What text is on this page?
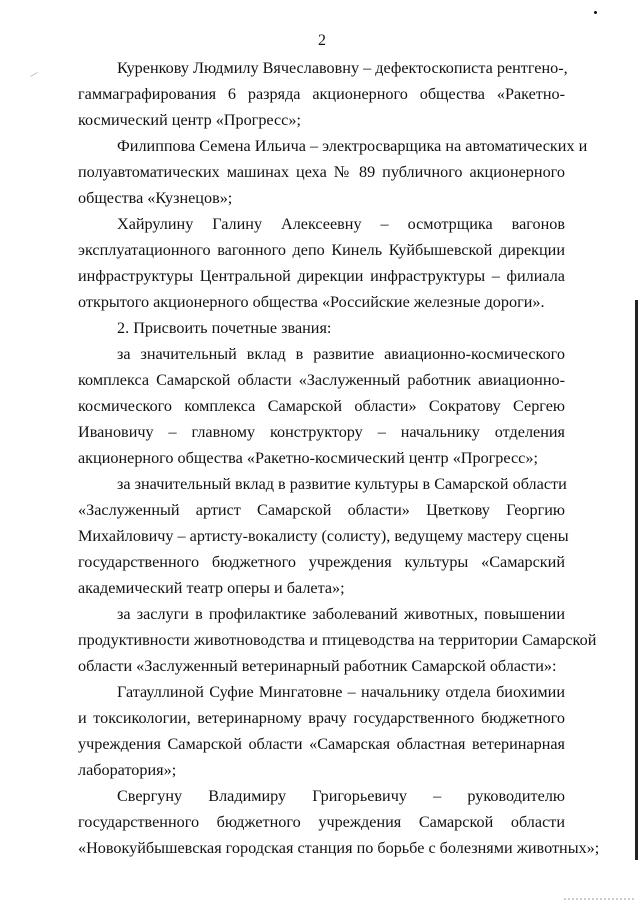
2
Куренкову Людмилу Вячеславовну – дефектоскописта рентгено-,
гаммаграфирования 6 разряда акционерного общества «Ракетно-
космический центр «Прогресс»;
Филиппова Семена Ильича – электросварщика на автоматических и
полуавтоматических машинах цеха № 89 публичного акционерного
общества «Кузнецов»;
Хайрулину Галину Алексеевну – осмотрщика вагонов
эксплуатационного вагонного депо Кинель Куйбышевской дирекции
инфраструктуры Центральной дирекции инфраструктуры – филиала
открытого акционерного общества «Российские железные дороги».
2. Присвоить почетные звания:
за значительный вклад в развитие авиационно-космического
комплекса Самарской области «Заслуженный работник авиационно-
космического комплекса Самарской области» Сократову Сергею
Ивановичу – главному конструктору – начальнику отделения
акционерного общества «Ракетно-космический центр «Прогресс»;
за значительный вклад в развитие культуры в Самарской области
«Заслуженный артист Самарской области» Цветкову Георгию
Михайловичу – артисту-вокалисту (солисту), ведущему мастеру сцены
государственного бюджетного учреждения культуры «Самарский
академический театр оперы и балета»;
за заслуги в профилактике заболеваний животных, повышении
продуктивности животноводства и птицеводства на территории Самарской
области «Заслуженный ветеринарный работник Самарской области»:
Гатауллиной Суфие Мингатовне – начальнику отдела биохимии
и токсикологии, ветеринарному врачу государственного бюджетного
учреждения Самарской области «Самарская областная ветеринарная
лаборатория»;
Свергуну Владимиру Григорьевичу – руководителю
государственного бюджетного учреждения Самарской области
«Новокуйбышевская городская станция по борьбе с болезнями животных»;
